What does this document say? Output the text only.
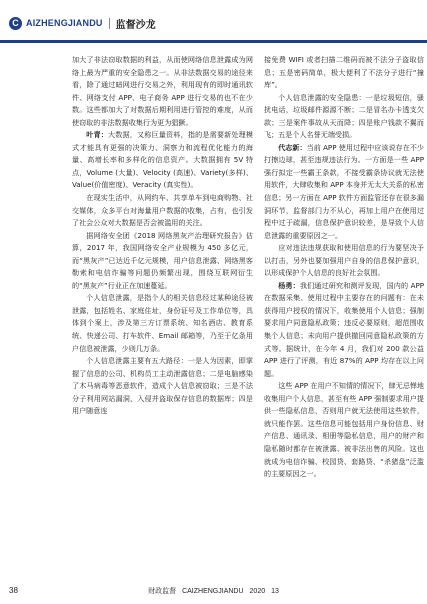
C AIZHENGJIANDU 监督沙龙

加大了非法窃取数据的利益，从而使网络信息泄露成为网络上最为严重的安全隐患之一。从非法数据交易的途径来看，除了通过暗网进行交易之外，利用现有的即时通讯软件、网络支付 APP、电子商务 APP 进行交易的也不在少数。这些都加大了对数据后期利用进行管控的难度，从而使窃取的非法数据收集行为更为猖獗。

叶青：大数据，又称巨量资料，指的是需要新处理模式才能具有更强的决策力、洞察力和流程优化能力的海量、高增长率和多样化的信息资产。大数据拥有 5V 特点，Volume (大量)、Velocity (高速)、Variety(多样)、Value(价值密度)、Veracity (真实性)。

在现实生活中，从网约车、共享单车到电商购物、社交媒体，众多平台对海量用户数据的收集，占有，也引发了社会公众对大数据是否会被滥用的关注。

据网络安全团《2018 网络黑灰产治理研究报告》估算，2017 年，我国网络安全产业规模为 450 多亿元，而“黑灰产”已达近千亿元规模，用户信息泄露、网络黑客勒索和电信诈骗等问题仍频繁出现，围绕互联网衍生的“黑灰产”行业正在加速蔓延。

个人信息泄露，是指个人的相关信息经过某种途径被泄露，包括姓名、家庭住址，身份证号及工作单位等，具体到个案上，涉及第三方订票系统、知名酒店、教育系统、快递公司、打车软件、Email 邮箱等，乃至于亿条用户信息被泄露，少则几万条。

个人信息泄露主要有五大路径：一是人为因素，即掌握了信息的公司、机构员工主动泄露信息；二是电脑感染了木马病毒等恶意软件，造成个人信息被窃取；三是不法分子利用网站漏洞，入侵并盗取保存信息的数据库；四是用户随意连

接免费 WIFI 或者扫描二维码而被不法分子盗取信息；五是密码简单，极大便利了不法分子进行“撞库”。

个人信息泄露的安全隐患：一是垃圾短信，骚扰电话，垃圾邮件源源不断；二是冒名办卡透支欠款；三是案件事故从天而降；四是账户钱款不翼而飞；五是个人名誉无端受损。

代志新：当前 APP 使用过程中应该说存在不少打擦边球，甚至违规违法行为。一方面是一些 APP 强行拟定一些霸王条款，不接受霸条协议就无法使用软件，大肆收集和 APP 本身并无太大关系的私密信息；另一方面在 APP 软件方面监管还存在很多漏洞环节，监督部门力不从心，再加上用户在使用过程中过于疏漏，信息保护意识较差，是导致个人信息泄露的重要原因之一。

应对违法违规获取和使用信息的行为要坚决予以打击，另外也要加强用户自身的信息保护意识，以形成保护个人信息的良好社会氛围。

杨勇：我们通过研究和测评发现，国内的 APP 在数据采集、使用过程中主要存在的问题有：在未获得用户授权的情况下，收集使用个人信息；强制要求用户同意隐私政策；违反必要原则，超范围收集个人信息；未向用户提供撤回同意隐私政策的方式等。据统计，在今年 4 月，我们对 200 款公益 APP 进行了评测，有近 87%的 APP 均存在以上问题。

这些 APP 在用户不知情的情况下，肆无忌惮地收集用户个人信息，甚至有些 APP 强制要求用户提供一些隐私信息，否则用户就无法使用这些软件，就只能作罢。这些信息可能包括用户身份信息、财产信息、通讯录、相册等隐私信息，用户的财产和隐私随时都存在被泄露、被非法出售的风险。这也就成为电信诈骗、校园贷、套路贷、“杀猪盘”泛滥的主要原因之一。

38	财政监督 CAIZHENGJIANDU 2020 13
